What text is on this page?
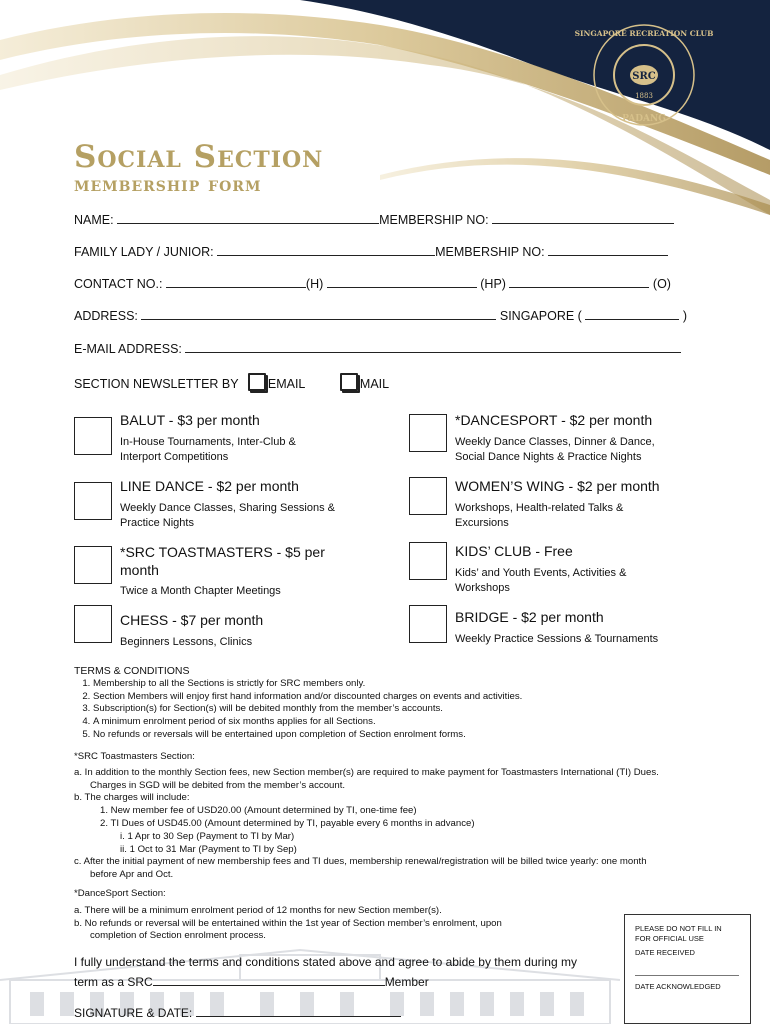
SRC
1883
SINGAPORE RECREATION CLUB
PADANG
Social Section
membership form
NAME:	MEMBERSHIP NO:
FAMILY LADY / JUNIOR:	MEMBERSHIP NO:
CONTACT NO.:	(H)	(HP)	(O)
ADDRESS:	SINGAPORE (	)
E-MAIL ADDRESS:
SECTION NEWSLETTER BY EMAIL	MAIL
BALUT - $3 per month
In-House Tournaments, Inter-Club &
Interport Competitions
LINE DANCE - $2 per month
Weekly Dance Classes, Sharing Sessions &
Practice Nights
*SRC TOASTMASTERS - $5 per
month
Twice a Month Chapter Meetings
CHESS - $7 per month
Beginners Lessons, Clinics
*DANCESPORT - $2 per month
Weekly Dance Classes, Dinner & Dance,
Social Dance Nights & Practice Nights
WOMEN’S WING - $2 per month
Workshops, Health-related Talks &
Excursions
KIDS’ CLUB - Free
Kids’ and Youth Events, Activities &
Workshops
BRIDGE - $2 per month
Weekly Practice Sessions & Tournaments
TERMS & CONDITIONS
1. Membership to all the Sections is strictly for SRC members only.
2. Section Members will enjoy first hand information and/or discounted charges on events and activities.
3. Subscription(s) for Section(s) will be debited monthly from the member’s accounts.
4. A minimum enrolment period of six months applies for all Sections.
5. No refunds or reversals will be entertained upon completion of Section enrolment forms.
*SRC Toastmasters Section:
a. In addition to the monthly Section fees, new Section member(s) are required to make payment for Toastmasters International (TI) Dues.
Charges in SGD will be debited from the member’s account.
b. The charges will include:
1. New member fee of USD20.00 (Amount determined by TI, one-time fee)
2. TI Dues of USD45.00 (Amount determined by TI, payable every 6 months in advance)
i. 1 Apr to 30 Sep (Payment to TI by Mar)
ii. 1 Oct to 31 Mar (Payment to TI by Sep)
c. After the initial payment of new membership fees and TI dues, membership renewal/registration will be billed twice yearly: one month
before Apr and Oct.
*DanceSport Section:
a. There will be a minimum enrolment period of 12 months for new Section member(s).
b. No refunds or reversal will be entertained within the 1st year of Section member’s enrolment, upon
completion of Section enrolment process.
I fully understand the terms and conditions stated above and agree to abide by them during my
term as a SRC	Member
SIGNATURE & DATE:
PLEASE DO NOT FILL IN
FOR OFFICIAL USE
DATE RECEIVED
DATE ACKNOWLEDGED
